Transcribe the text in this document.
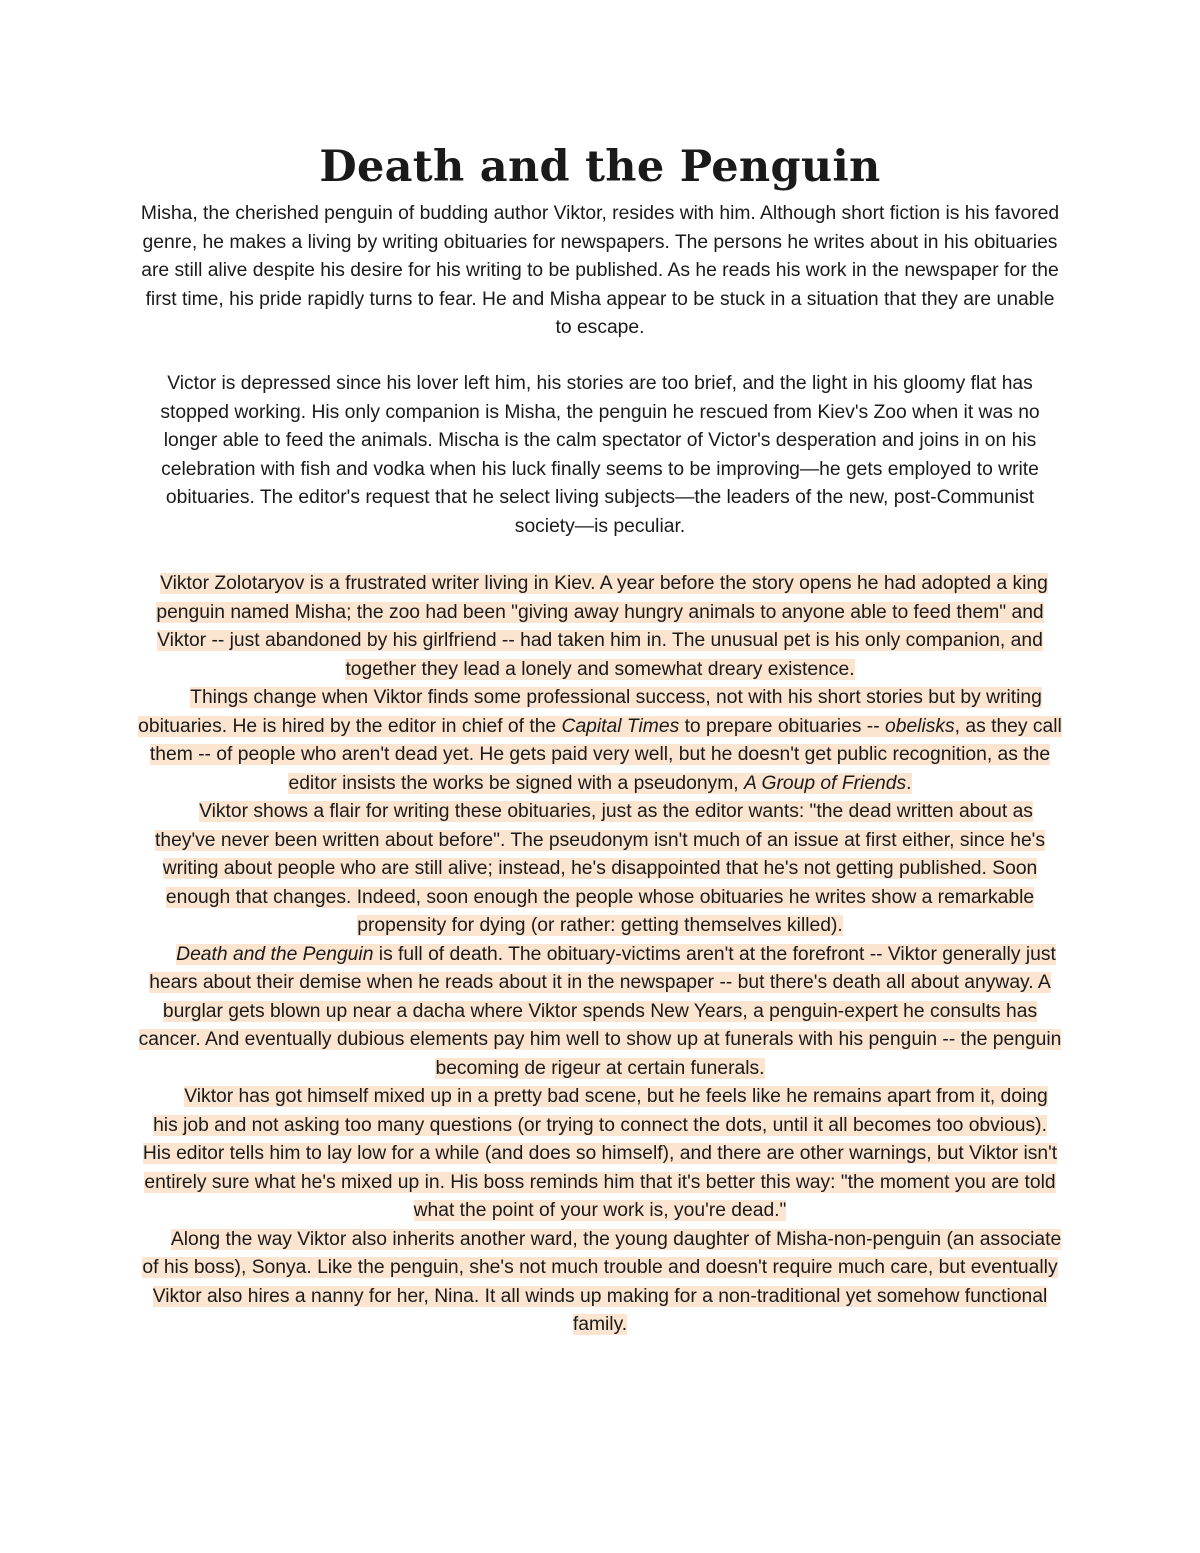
Death and the Penguin

Misha, the cherished penguin of budding author Viktor, resides with him. Although short fiction is his favored genre, he makes a living by writing obituaries for newspapers. The persons he writes about in his obituaries are still alive despite his desire for his writing to be published. As he reads his work in the newspaper for the first time, his pride rapidly turns to fear. He and Misha appear to be stuck in a situation that they are unable to escape.

Victor is depressed since his lover left him, his stories are too brief, and the light in his gloomy flat has stopped working. His only companion is Misha, the penguin he rescued from Kiev's Zoo when it was no longer able to feed the animals. Mischa is the calm spectator of Victor's desperation and joins in on his celebration with fish and vodka when his luck finally seems to be improving—he gets employed to write obituaries. The editor's request that he select living subjects—the leaders of the new, post-Communist society—is peculiar.

Viktor Zolotaryov is a frustrated writer living in Kiev. A year before the story opens he had adopted a king penguin named Misha; the zoo had been "giving away hungry animals to anyone able to feed them" and Viktor -- just abandoned by his girlfriend -- had taken him in. The unusual pet is his only companion, and together they lead a lonely and somewhat dreary existence.

Things change when Viktor finds some professional success, not with his short stories but by writing obituaries. He is hired by the editor in chief of the Capital Times to prepare obituaries -- obelisks, as they call them -- of people who aren't dead yet. He gets paid very well, but he doesn't get public recognition, as the editor insists the works be signed with a pseudonym, A Group of Friends.

Viktor shows a flair for writing these obituaries, just as the editor wants: "the dead written about as they've never been written about before". The pseudonym isn't much of an issue at first either, since he's writing about people who are still alive; instead, he's disappointed that he's not getting published. Soon enough that changes. Indeed, soon enough the people whose obituaries he writes show a remarkable propensity for dying (or rather: getting themselves killed).

Death and the Penguin is full of death. The obituary-victims aren't at the forefront -- Viktor generally just hears about their demise when he reads about it in the newspaper -- but there's death all about anyway. A burglar gets blown up near a dacha where Viktor spends New Years, a penguin-expert he consults has cancer. And eventually dubious elements pay him well to show up at funerals with his penguin -- the penguin becoming de rigeur at certain funerals.

Viktor has got himself mixed up in a pretty bad scene, but he feels like he remains apart from it, doing his job and not asking too many questions (or trying to connect the dots, until it all becomes too obvious). His editor tells him to lay low for a while (and does so himself), and there are other warnings, but Viktor isn't entirely sure what he's mixed up in. His boss reminds him that it's better this way: "the moment you are told what the point of your work is, you're dead."

Along the way Viktor also inherits another ward, the young daughter of Misha-non-penguin (an associate of his boss), Sonya. Like the penguin, she's not much trouble and doesn't require much care, but eventually Viktor also hires a nanny for her, Nina. It all winds up making for a non-traditional yet somehow functional family.
